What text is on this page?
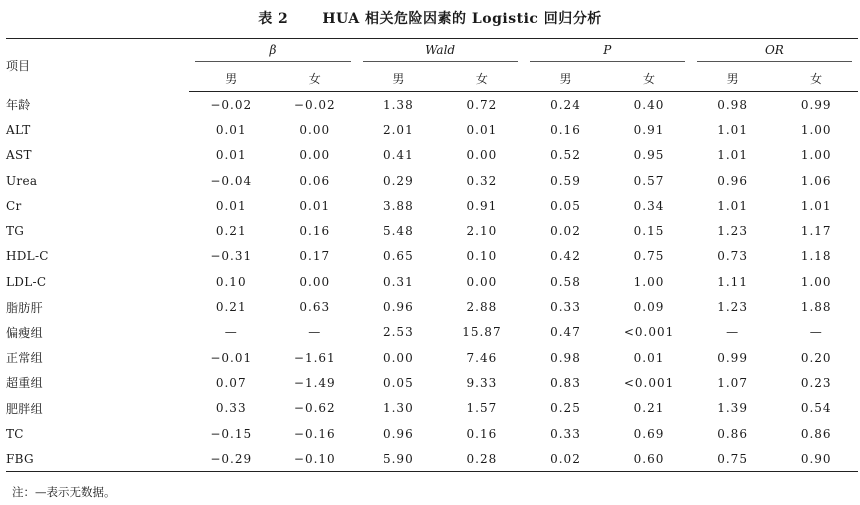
表 2 HUA 相关危险因素的 Logistic 回归分析
项目	β		Wald		P		OR	

	男	女	男	女	男	女	男	女
年龄	−0.02	−0.02	1.38	0.72	0.24	0.40	0.98	0.99
ALT	0.01	0.00	2.01	0.01	0.16	0.91	1.01	1.00
AST	0.01	0.00	0.41	0.00	0.52	0.95	1.01	1.00
Urea	−0.04	0.06	0.29	0.32	0.59	0.57	0.96	1.06
Cr	0.01	0.01	3.88	0.91	0.05	0.34	1.01	1.01
TG	0.21	0.16	5.48	2.10	0.02	0.15	1.23	1.17
HDL-C	−0.31	0.17	0.65	0.10	0.42	0.75	0.73	1.18
LDL-C	0.10	0.00	0.31	0.00	0.58	1.00	1.11	1.00
脂肪肝	0.21	0.63	0.96	2.88	0.33	0.09	1.23	1.88
偏瘦组	—	—	2.53	15.87	0.47	<0.001	—	—
正常组	−0.01	−1.61	0.00	7.46	0.98	0.01	0.99	0.20
超重组	0.07	−1.49	0.05	9.33	0.83	<0.001	1.07	0.23
肥胖组	0.33	−0.62	1.30	1.57	0.25	0.21	1.39	0.54
TC	−0.15	−0.16	0.96	0.16	0.33	0.69	0.86	0.86
FBG	−0.29	−0.10	5.90	0.28	0.02	0.60	0.75	0.90
注：—表示无数据。
